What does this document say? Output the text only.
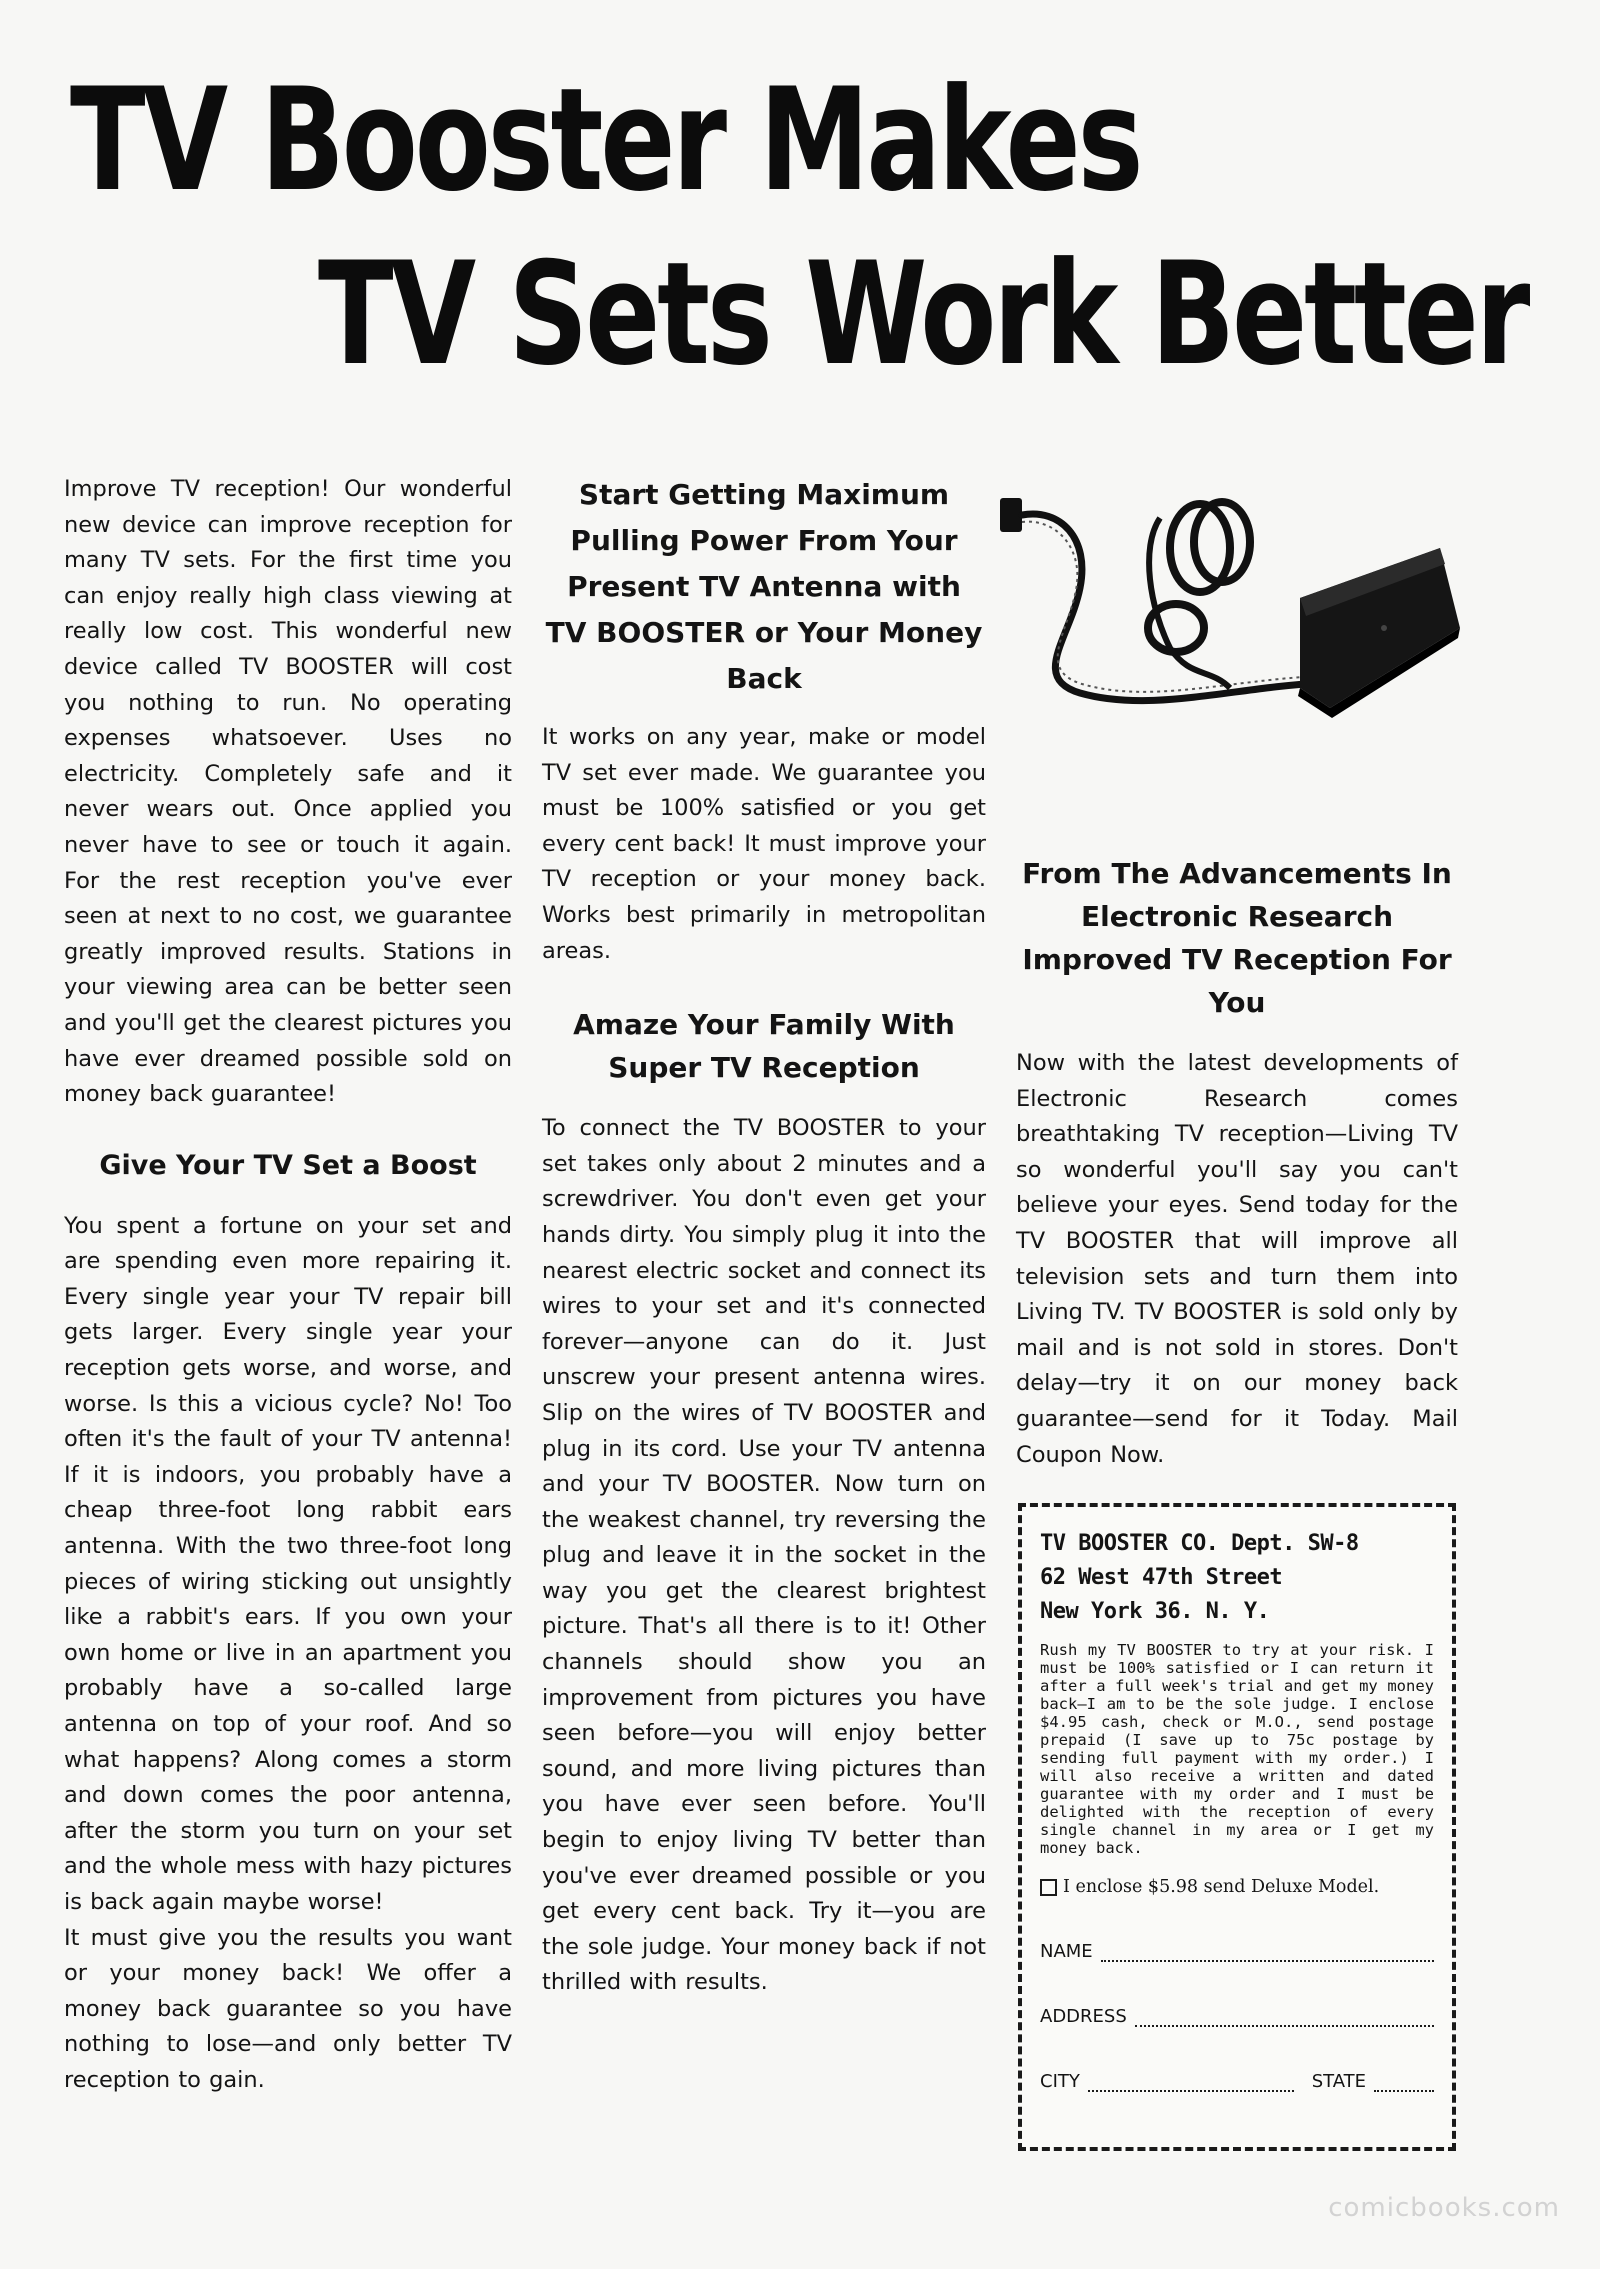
TV Booster Makes
TV Sets Work Better

Improve TV reception! Our wonderful new device can improve reception for many TV sets. For the first time you can enjoy really high class viewing at really low cost. This wonderful new device called TV BOOSTER will cost you nothing to run. No operating expenses whatsoever. Uses no electricity. Completely safe and it never wears out. Once applied you never have to see or touch it again. For the rest reception you've ever seen at next to no cost, we guarantee greatly improved results. Stations in your viewing area can be better seen and you'll get the clearest pictures you have ever dreamed possible sold on money back guarantee!

Give Your TV Set a Boost

You spent a fortune on your set and are spending even more repairing it. Every single year your TV repair bill gets larger. Every single year your reception gets worse, and worse, and worse. Is this a vicious cycle? No! Too often it's the fault of your TV antenna! If it is indoors, you probably have a cheap three-foot long rabbit ears antenna. With the two three-foot long pieces of wiring sticking out unsightly like a rabbit's ears. If you own your own home or live in an apartment you probably have a so-called large antenna on top of your roof. And so what happens? Along comes a storm and down comes the poor antenna, after the storm you turn on your set and the whole mess with hazy pictures is back again maybe worse!

It must give you the results you want or your money back! We offer a money back guarantee so you have nothing to lose—and only better TV reception to gain.

Start Getting Maximum Pulling Power From Your Present TV Antenna with TV BOOSTER or Your Money Back

It works on any year, make or model TV set ever made. We guarantee you must be 100% satisfied or you get every cent back! It must improve your TV reception or your money back. Works best primarily in metropolitan areas.

Amaze Your Family With Super TV Reception

To connect the TV BOOSTER to your set takes only about 2 minutes and a screwdriver. You don't even get your hands dirty. You simply plug it into the nearest electric socket and connect its wires to your set and it's connected forever—anyone can do it. Just unscrew your present antenna wires. Slip on the wires of TV BOOSTER and plug in its cord. Use your TV antenna and your TV BOOSTER. Now turn on the weakest channel, try reversing the plug and leave it in the socket in the way you get the clearest brightest picture. That's all there is to it! Other channels should show you an improvement from pictures you have seen before—you will enjoy better sound, and more living pictures than you have ever seen before. You'll begin to enjoy living TV better than you've ever dreamed possible or you get every cent back. Try it—you are the sole judge. Your money back if not thrilled with results.

From The Advancements In Electronic Research Improved TV Reception For You

Now with the latest developments of Electronic Research comes breathtaking TV reception—Living TV so wonderful you'll say you can't believe your eyes. Send today for the TV BOOSTER that will improve all television sets and turn them into Living TV. TV BOOSTER is sold only by mail and is not sold in stores. Don't delay—try it on our money back guarantee—send for it Today. Mail Coupon Now.

TV BOOSTER CO. Dept. SW-8

62 West 47th Street

New York 36. N. Y.

Rush my TV BOOSTER to try at your risk. I must be 100% satisfied or I can return it after a full week's trial and get my money back—I am to be the sole judge. I enclose $4.95 cash, check or M.O., send postage prepaid (I save up to 75c postage by sending full payment with my order.) I will also receive a written and dated guarantee with my order and I must be delighted with the reception of every single channel in my area or I get my money back.

I enclose $5.98 send Deluxe Model.
NAME
ADDRESS
CITY	STATE
comicbooks.com
